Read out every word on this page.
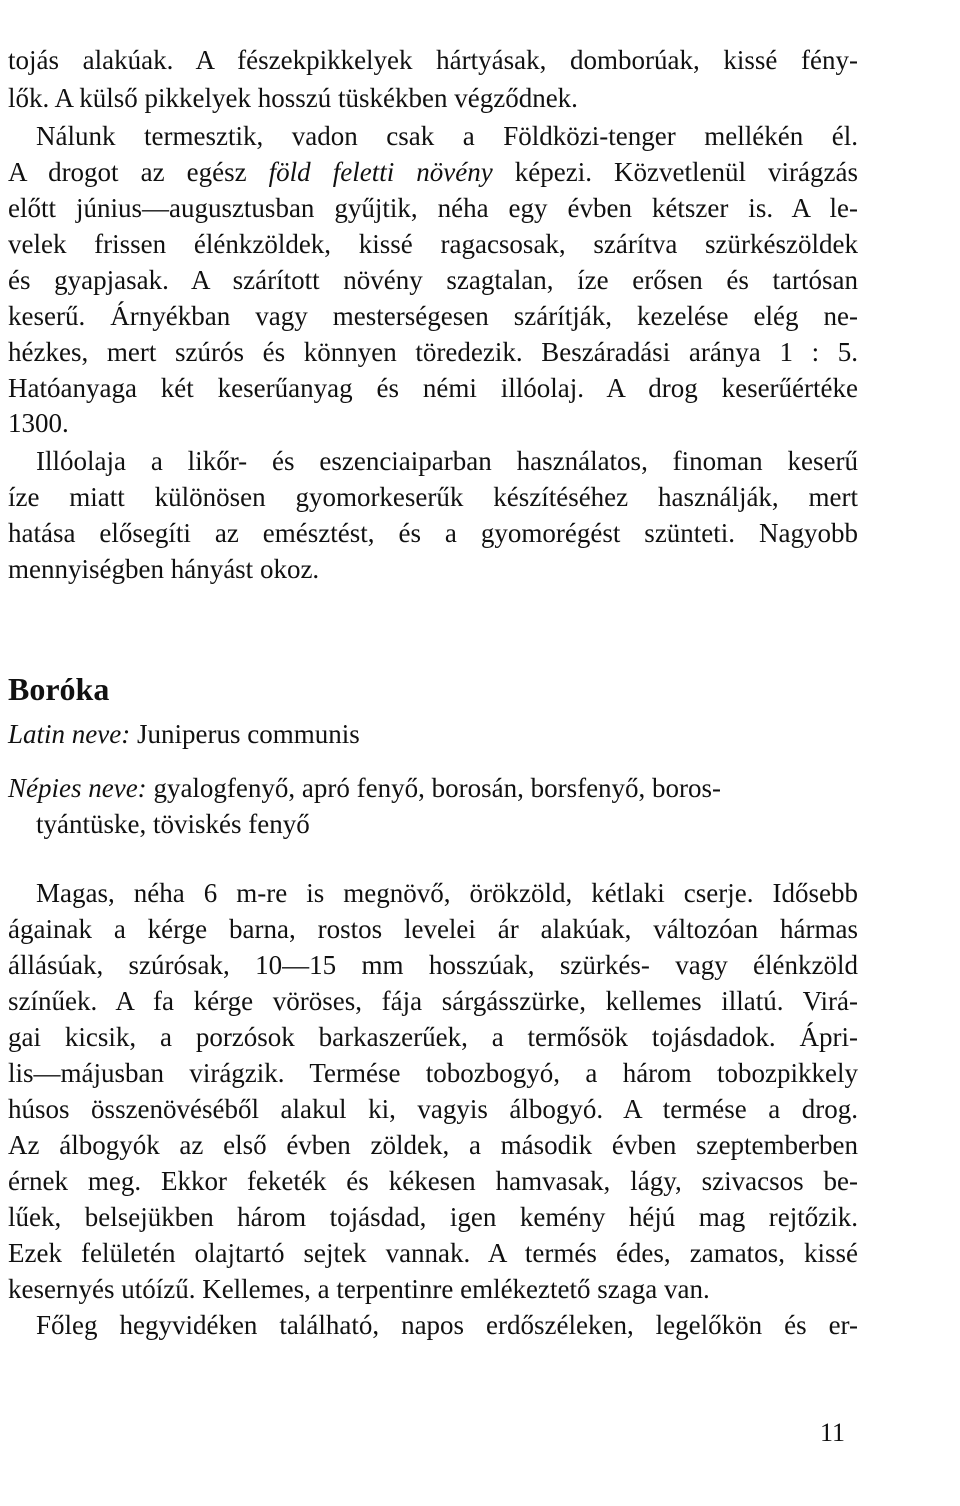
tojás alakúak. A fészekpikkelyek hártyásak, domborúak, kissé fény-
lők. A külső pikkelyek hosszú tüskékben végződnek.
Nálunk termesztik, vadon csak a Földközi-tenger mellékén él.
A drogot az egész föld feletti növény képezi. Közvetlenül virágzás
előtt június—augusztusban gyűjtik, néha egy évben kétszer is. A le-
velek frissen élénkzöldek, kissé ragacsosak, szárítva szürkészöldek
és gyapjasak. A szárított növény szagtalan, íze erősen és tartósan
keserű. Árnyékban vagy mesterségesen szárítják, kezelése elég ne-
hézkes, mert szúrós és könnyen töredezik. Beszáradási aránya 1 : 5.
Hatóanyaga két keserűanyag és némi illóolaj. A drog keserűértéke
1300.
Illóolaja a likőr- és eszenciaiparban használatos, finoman keserű
íze miatt különösen gyomorkeserűk készítéséhez használják, mert
hatása elősegíti az emésztést, és a gyomorégést szünteti. Nagyobb
mennyiségben hányást okoz.
Boróka
Latin neve: Juniperus communis
Népies neve: gyalogfenyő, apró fenyő, borosán, borsfenyő, boros-
tyántüske, töviskés fenyő
Magas, néha 6 m-re is megnövő, örökzöld, kétlaki cserje. Idősebb
ágainak a kérge barna, rostos levelei ár alakúak, változóan hármas
állásúak, szúrósak, 10—15 mm hosszúak, szürkés- vagy élénkzöld
színűek. A fa kérge vöröses, fája sárgásszürke, kellemes illatú. Virá-
gai kicsik, a porzósok barkaszerűek, a termősök tojásdadok. Ápri-
lis—májusban virágzik. Termése tobozbogyó, a három tobozpikkely
húsos összenövéséből alakul ki, vagyis álbogyó. A termése a drog.
Az álbogyók az első évben zöldek, a második évben szeptemberben
érnek meg. Ekkor feketék és kékesen hamvasak, lágy, szivacsos be-
lűek, belsejükben három tojásdad, igen kemény héjú mag rejtőzik.
Ezek felületén olajtartó sejtek vannak. A termés édes, zamatos, kissé
kesernyés utóízű. Kellemes, a terpentinre emlékeztető szaga van.
Főleg hegyvidéken található, napos erdőszéleken, legelőkön és er-
11
